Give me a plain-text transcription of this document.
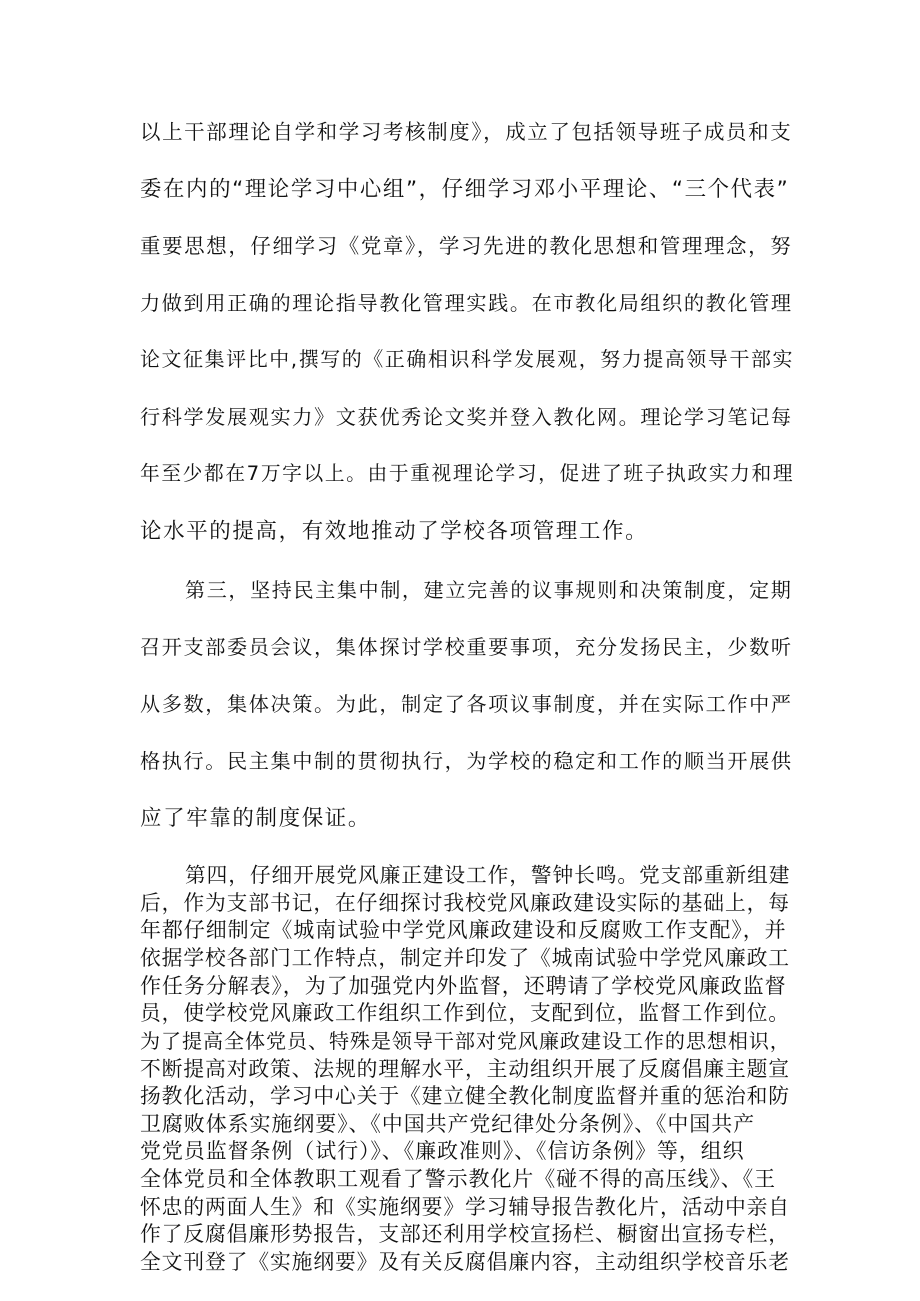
以上干部理论自学和学习考核制度》，成立了包括领导班子成员和支

委在内的“理论学习中心组”，仔细学习邓小平理论、“三个代表”

重要思想，仔细学习《党章》，学习先进的教化思想和管理理念，努

力做到用正确的理论指导教化管理实践。在市教化局组织的教化管理

论文征集评比中,撰写的《正确相识科学发展观，努力提高领导干部实

行科学发展观实力》文获优秀论文奖并登入教化网。理论学习笔记每

年至少都在7万字以上。由于重视理论学习，促进了班子执政实力和理

论水平的提高，有效地推动了学校各项管理工作。

第三，坚持民主集中制，建立完善的议事规则和决策制度，定期

召开支部委员会议，集体探讨学校重要事项，充分发扬民主，少数听

从多数，集体决策。为此，制定了各项议事制度，并在实际工作中严

格执行。民主集中制的贯彻执行，为学校的稳定和工作的顺当开展供

应了牢靠的制度保证。

第四，仔细开展党风廉正建设工作，警钟长鸣。党支部重新组建

后，作为支部书记，在仔细探讨我校党风廉政建设实际的基础上，每

年都仔细制定《城南试验中学党风廉政建设和反腐败工作支配》，并

依据学校各部门工作特点，制定并印发了《城南试验中学党风廉政工

作任务分解表》，为了加强党内外监督，还聘请了学校党风廉政监督

员，使学校党风廉政工作组织工作到位，支配到位，监督工作到位。

为了提高全体党员、特殊是领导干部对党风廉政建设工作的思想相识，

不断提高对政策、法规的理解水平，主动组织开展了反腐倡廉主题宣

扬教化活动，学习中心关于《建立健全教化制度监督并重的惩治和防

卫腐败体系实施纲要》、《中国共产党纪律处分条例》、《中国共产

党党员监督条例（试行）》、《廉政准则》、《信访条例》等，组织

全体党员和全体教职工观看了警示教化片《碰不得的高压线》、《王

怀忠的两面人生》和《实施纲要》学习辅导报告教化片，活动中亲自

作了反腐倡廉形势报告，支部还利用学校宣扬栏、橱窗出宣扬专栏，

全文刊登了《实施纲要》及有关反腐倡廉内容，主动组织学校音乐老
